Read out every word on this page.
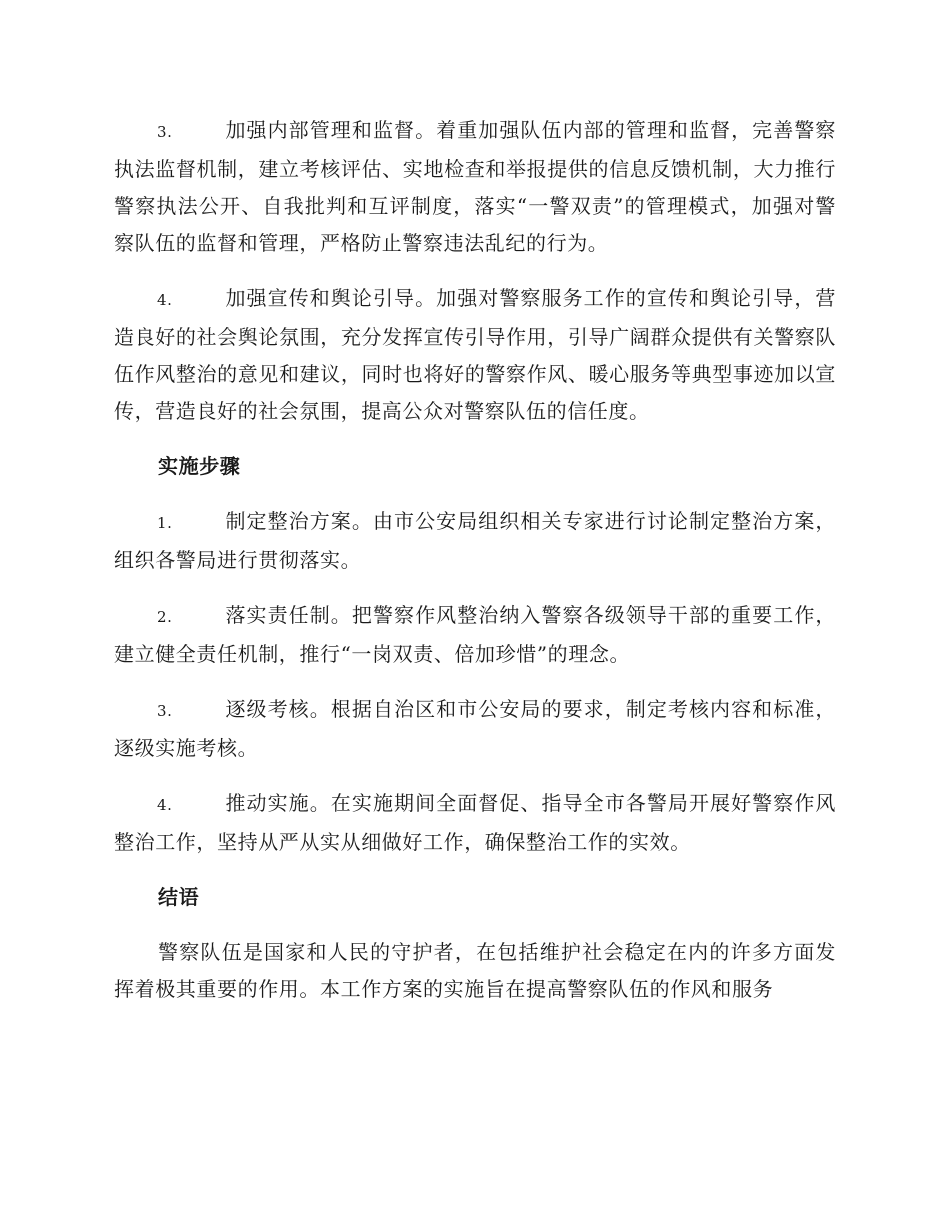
3.	加强内部管理和监督。着重加强队伍内部的管理和监督，完善警察执法监督机制，建立考核评估、实地检查和举报提供的信息反馈机制，大力推行警察执法公开、自我批判和互评制度，落实“一警双责”的管理模式，加强对警察队伍的监督和管理，严格防止警察违法乱纪的行为。

4.	加强宣传和舆论引导。加强对警察服务工作的宣传和舆论引导，营造良好的社会舆论氛围，充分发挥宣传引导作用，引导广阔群众提供有关警察队伍作风整治的意见和建议，同时也将好的警察作风、暖心服务等典型事迹加以宣传，营造良好的社会氛围，提高公众对警察队伍的信任度。

实施步骤

1.	制定整治方案。由市公安局组织相关专家进行讨论制定整治方案，组织各警局进行贯彻落实。

2.	落实责任制。把警察作风整治纳入警察各级领导干部的重要工作，建立健全责任机制，推行“一岗双责、倍加珍惜”的理念。

3.	逐级考核。根据自治区和市公安局的要求，制定考核内容和标准，逐级实施考核。

4.	推动实施。在实施期间全面督促、指导全市各警局开展好警察作风整治工作，坚持从严从实从细做好工作，确保整治工作的实效。

结语

警察队伍是国家和人民的守护者，在包括维护社会稳定在内的许多方面发挥着极其重要的作用。本工作方案的实施旨在提高警察队伍的作风和服务
